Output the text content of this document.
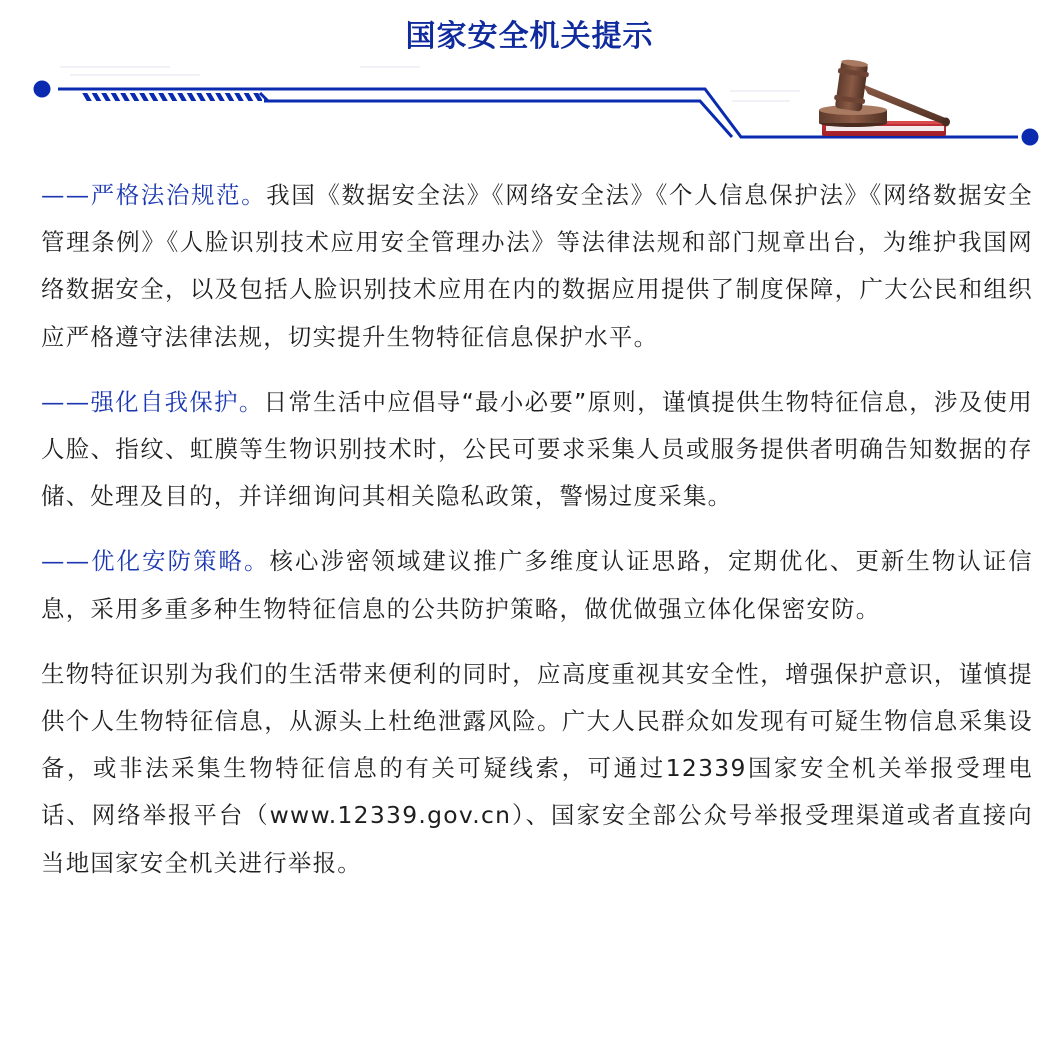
国家安全机关提示

——严格法治规范。我国《数据安全法》《网络安全法》《个人信息保护法》《网络数据安全管理条例》《人脸识别技术应用安全管理办法》等法律法规和部门规章出台，为维护我国网络数据安全，以及包括人脸识别技术应用在内的数据应用提供了制度保障，广大公民和组织应严格遵守法律法规，切实提升生物特征信息保护水平。

——强化自我保护。日常生活中应倡导“最小必要”原则，谨慎提供生物特征信息，涉及使用人脸、指纹、虹膜等生物识别技术时，公民可要求采集人员或服务提供者明确告知数据的存储、处理及目的，并详细询问其相关隐私政策，警惕过度采集。

——优化安防策略。核心涉密领域建议推广多维度认证思路，定期优化、更新生物认证信息，采用多重多种生物特征信息的公共防护策略，做优做强立体化保密安防。

生物特征识别为我们的生活带来便利的同时，应高度重视其安全性，增强保护意识，谨慎提供个人生物特征信息，从源头上杜绝泄露风险。广大人民群众如发现有可疑生物信息采集设备，或非法采集生物特征信息的有关可疑线索，可通过12339国家安全机关举报受理电话、网络举报平台（www.12339.gov.cn）、国家安全部公众号举报受理渠道或者直接向当地国家安全机关进行举报。
